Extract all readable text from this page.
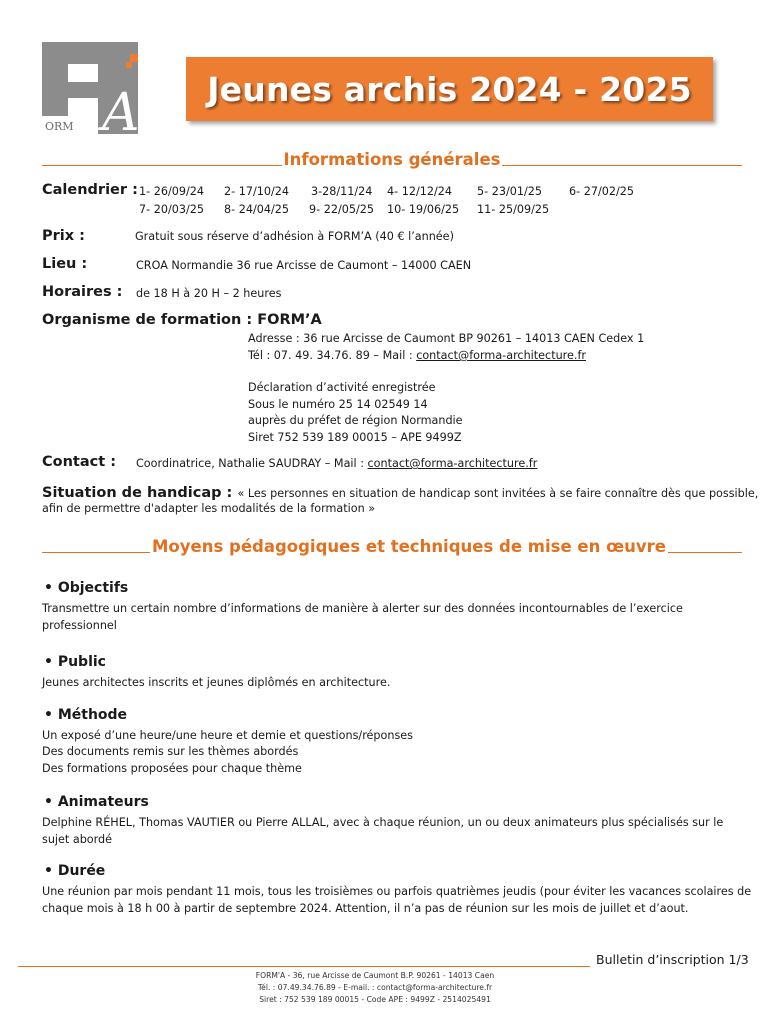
A
ORM
Jeunes archis 2024 - 2025
Informations générales
Calendrier : 1- 26/09/24 2- 17/10/24 3-28/11/24 4- 12/12/24 5- 23/01/25 6- 27/02/25
7- 20/03/25 8- 24/04/25 9- 22/05/25 10- 19/06/25 11- 25/09/25
Prix :	Gratuit sous réserve d’adhésion à FORM’A (40 € l’année)
Lieu :	CROA Normandie 36 rue Arcisse de Caumont – 14000 CAEN
Horaires : de 18 H à 20 H – 2 heures
Organisme de formation : FORM’A
Adresse : 36 rue Arcisse de Caumont BP 90261 – 14013 CAEN Cedex 1
Tél : 07. 49. 34.76. 89 – Mail : contact@forma-architecture.fr
Déclaration d’activité enregistrée
Sous le numéro 25 14 02549 14
auprès du préfet de région Normandie
Siret 752 539 189 00015 – APE 9499Z
Contact : Coordinatrice, Nathalie SAUDRAY – Mail : contact@forma-architecture.fr
Situation de handicap : « Les personnes en situation de handicap sont invitées à se faire connaître dès que possible,
afin de permettre d'adapter les modalités de la formation »
Moyens pédagogiques et techniques de mise en œuvre
• Objectifs
Transmettre un certain nombre d’informations de manière à alerter sur des données incontournables de l’exercice professionnel
• Public
Jeunes architectes inscrits et jeunes diplômés en architecture.
• Méthode
Un exposé d’une heure/une heure et demie et questions/réponses
Des documents remis sur les thèmes abordés
Des formations proposées pour chaque thème
• Animateurs
Delphine RÉHEL, Thomas VAUTIER ou Pierre ALLAL, avec à chaque réunion, un ou deux animateurs plus spécialisés sur le sujet abordé
• Durée
Une réunion par mois pendant 11 mois, tous les troisièmes ou parfois quatrièmes jeudis (pour éviter les vacances scolaires de chaque mois à 18 h 00 à partir de septembre 2024. Attention, il n’a pas de réunion sur les mois de juillet et d’aout.
Bulletin d’inscription 1/3
FORM'A - 36, rue Arcisse de Caumont B.P. 90261 - 14013 Caen
Tél. : 07.49.34.76.89 - E-mail. : contact@forma-architecture.fr
Siret : 752 539 189 00015 - Code APE : 9499Z - 2514025491
